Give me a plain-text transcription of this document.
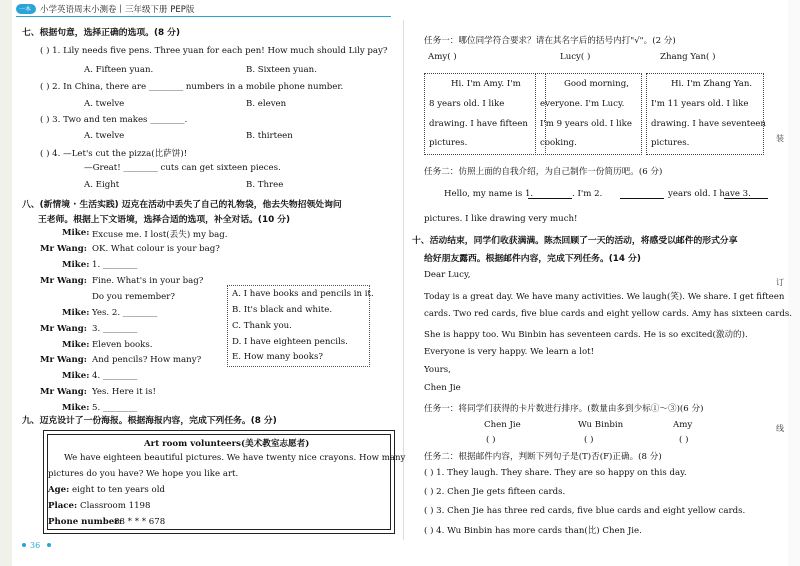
一本 小学英语周末小测卷丨三年级下册 PEP版
装
订
线
七、根据句意，选择正确的选项。(8 分)
( ) 1. Lily needs five pens. Three yuan for each pen! How much should Lily pay?
A. Fifteen yuan.	B. Sixteen yuan.
( ) 2. In China, there are ________ numbers in a mobile phone number.
A. twelve	B. eleven
( ) 3. Two and ten makes ________.
A. twelve	B. thirteen
( ) 4. —Let's cut the pizza(比萨饼)!
—Great! ________ cuts can get sixteen pieces.
A. Eight	B. Three
八、(新情境 · 生活实践) 迈克在活动中丢失了自己的礼物袋，他去失物招领处询问
王老师。根据上下文语境，选择合适的选项，补全对话。(10 分)
Mike: Excuse me. I lost(丢失) my bag.
Mr Wang: OK. What colour is your bag?
Mike: 1. ________
Mr Wang: Fine. What's in your bag?
Do you remember?
Mike: Yes. 2. ________
Mr Wang: 3. ________
Mike: Eleven books.
Mr Wang: And pencils? How many?
Mike: 4. ________
Mr Wang: Yes. Here it is!
Mike: 5. ________
A. I have books and pencils in it.
B. It's black and white.
C. Thank you.
D. I have eighteen pencils.
E. How many books?
九、迈克设计了一份海报。根据海报内容，完成下列任务。(8 分)
Art room volunteers(美术教室志愿者)
We have eighteen beautiful pictures. We have twenty nice crayons. How many
pictures do you have? We hope you like art.
Age: eight to ten years old
Place: Classroom 1198
Phone number:
88 * * * 678
36
任务一：哪位同学符合要求？请在其名字后的括号内打"√"。(2 分)
Amy( )	Lucy( )	Zhang Yan( )
Hi. I'm Amy. I'm
8 years old. I like
drawing. I have fifteen
pictures.
Good morning,
everyone. I'm Lucy.
I'm 9 years old. I like
cooking.
Hi. I'm Zhang Yan.
I'm 11 years old. I like
drawing. I have seventeen
pictures.
任务二：仿照上面的自我介绍，为自己制作一份简历吧。(6 分)
Hello, my name is 1.	. I'm 2.	years old. I have 3.
pictures. I like drawing very much!
十、活动结束，同学们收获满满。陈杰回顾了一天的活动，将感受以邮件的形式分享
给好朋友露西。根据邮件内容，完成下列任务。(14 分)
Dear Lucy,
Today is a great day. We have many activities. We laugh(笑). We share. I get fifteen
cards. Two red cards, five blue cards and eight yellow cards. Amy has sixteen cards.
She is happy too. Wu Binbin has seventeen cards. He is so excited(激动的).
Everyone is very happy. We learn a lot!
Yours,
Chen Jie
任务一：将同学们获得的卡片数进行排序。(数量由多到少标①～③)(6 分)
Chen Jie	Wu Binbin	Amy
( )	( )	( )
任务二：根据邮件内容，判断下列句子是(T)否(F)正确。(8 分)
( ) 1. They laugh. They share. They are so happy on this day.
( ) 2. Chen Jie gets fifteen cards.
( ) 3. Chen Jie has three red cards, five blue cards and eight yellow cards.
( ) 4. Wu Binbin has more cards than(比) Chen Jie.
